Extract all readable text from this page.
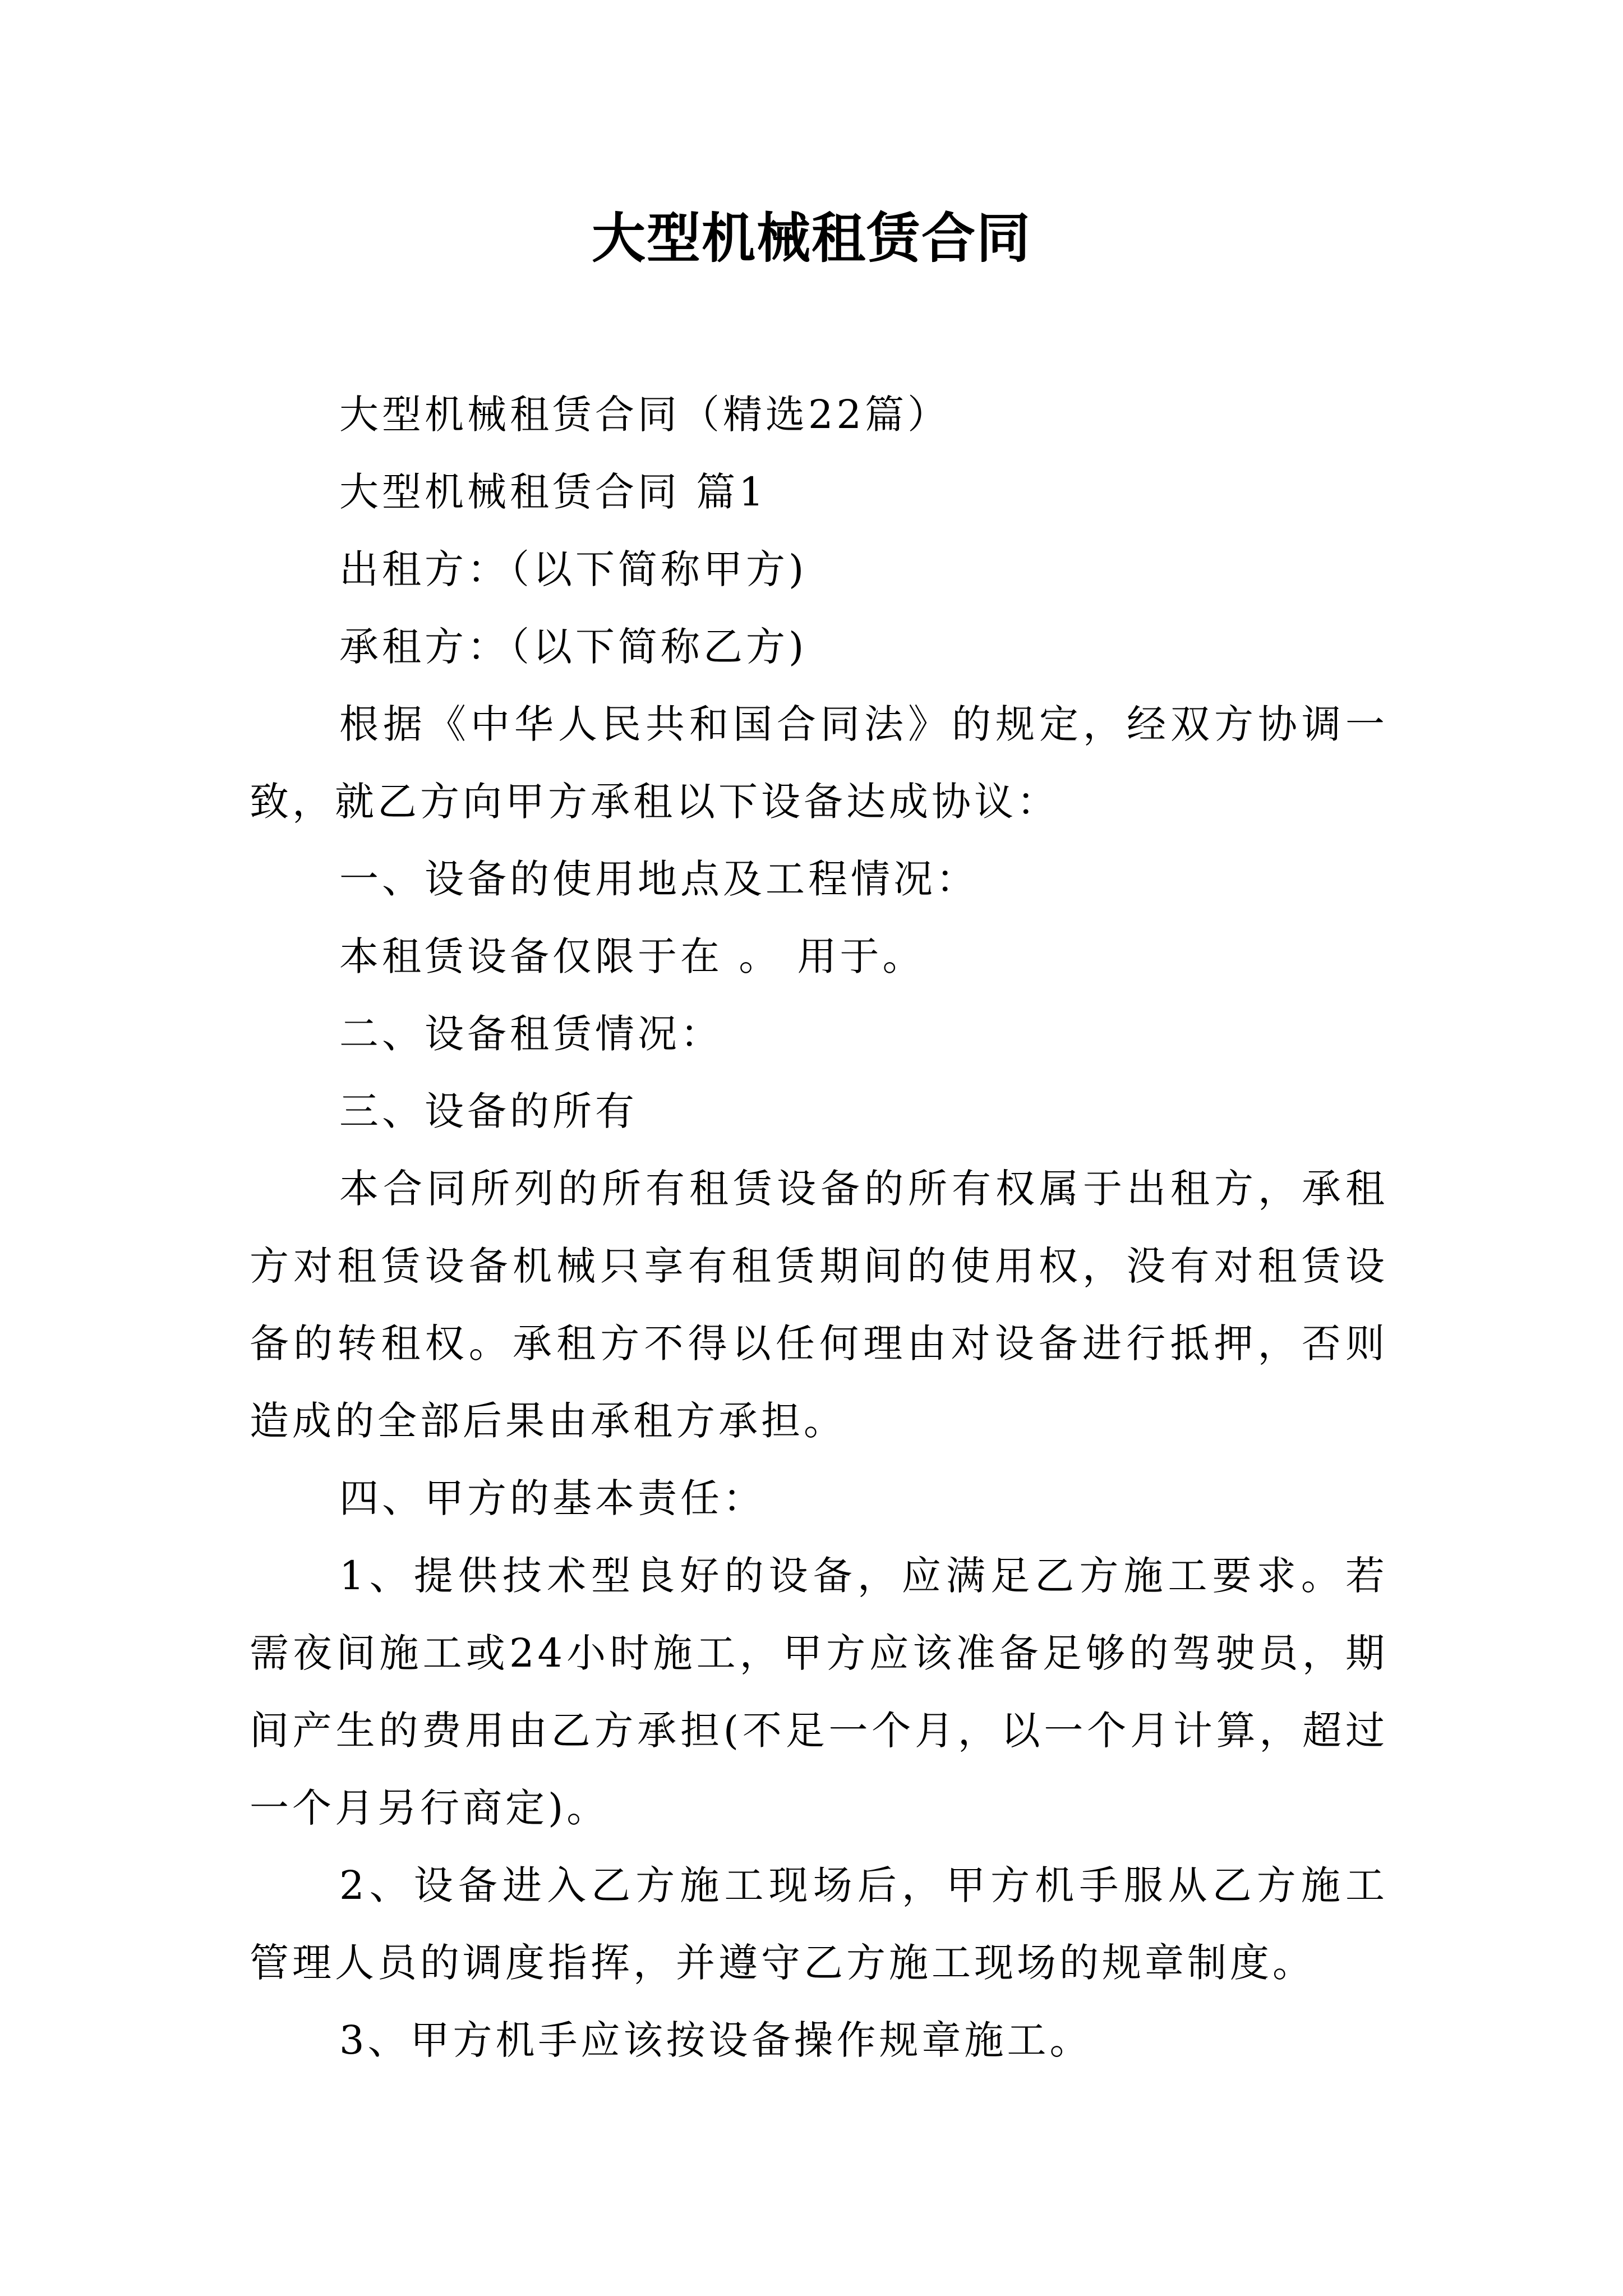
大型机械租赁合同

大型机械租赁合同（精选22篇）

大型机械租赁合同 篇1

出租方：（以下简称甲方)

承租方：（以下简称乙方)

根据《中华人民共和国合同法》的规定，经双方协调一致，就乙方向甲方承租以下设备达成协议：

一、设备的使用地点及工程情况：

本租赁设备仅限于在 。 用于。

二、设备租赁情况：

三、设备的所有

本合同所列的所有租赁设备的所有权属于出租方，承租方对租赁设备机械只享有租赁期间的使用权，没有对租赁设备的转租权。承租方不得以任何理由对设备进行抵押，否则造成的全部后果由承租方承担。

四、甲方的基本责任：

1、提供技术型良好的设备，应满足乙方施工要求。若需夜间施工或24小时施工，甲方应该准备足够的驾驶员，期间产生的费用由乙方承担(不足一个月，以一个月计算，超过一个月另行商定)。

2、设备进入乙方施工现场后，甲方机手服从乙方施工管理人员的调度指挥，并遵守乙方施工现场的规章制度。

3、甲方机手应该按设备操作规章施工。
